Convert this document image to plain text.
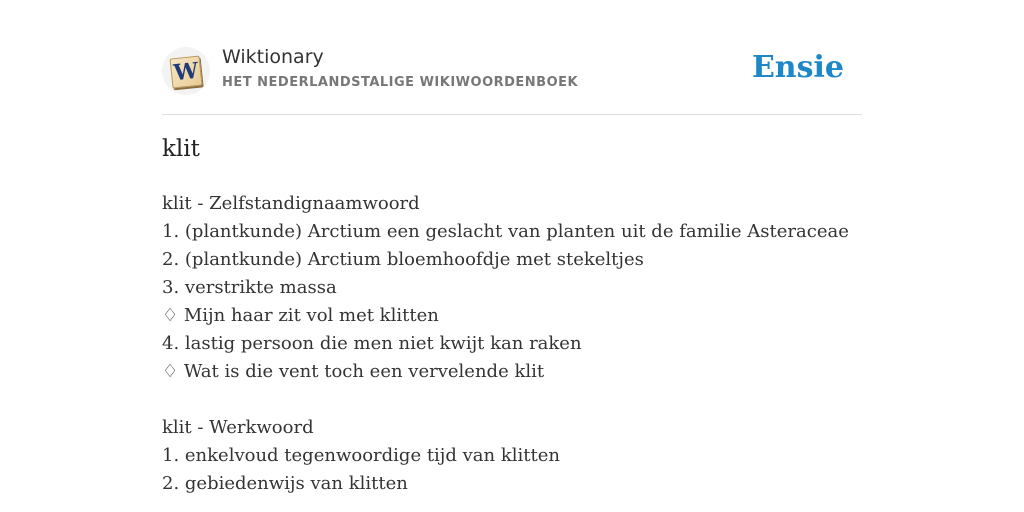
W
Wiktionary
HET NEDERLANDSTALIGE WIKIWOORDENBOEK	Ensie
klit
klit - Zelfstandignaamwoord
1. (plantkunde) Arctium een geslacht van planten uit de familie Asteraceae
2. (plantkunde) Arctium bloemhoofdje met stekeltjes
3. verstrikte massa
♢ Mijn haar zit vol met klitten
4. lastig persoon die men niet kwijt kan raken
♢ Wat is die vent toch een vervelende klit
klit - Werkwoord
1. enkelvoud tegenwoordige tijd van klitten
2. gebiedenwijs van klitten
